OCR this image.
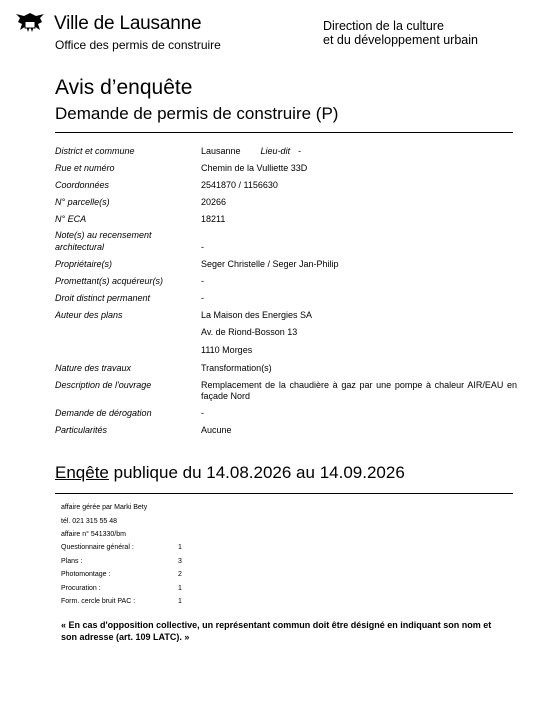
Ville de Lausanne
Office des permis de construire
Direction de la culture
et du développement urbain
Avis d’enquête
Demande de permis de construire (P)
District et commune	Lausanne Lieu-dit -
Rue et numéro	Chemin de la Vulliette 33D
Coordonnées	2541870 / 1156630
N° parcelle(s)	20266
N° ECA	18211
Note(s) au recensement
architectural	-
Propriétaire(s)	Seger Christelle / Seger Jan-Philip
Promettant(s) acquéreur(s)	-
Droit distinct permanent	-
Auteur des plans	La Maison des Energies SA
Av. de Riond-Bosson 13
1110 Morges
Nature des travaux	Transformation(s)
Description de l'ouvrage	Remplacement de la chaudière à gaz par une pompe à chaleur AIR/EAU en façade Nord
Demande de dérogation	-
Particularités	Aucune
Enqête publique du 14.08.2026 au 14.09.2026
affaire gérée par Marki Bety
tél. 021 315 55 48
affaire n° 541330/bm
Questionnaire général :	1
Plans :	3
Photomontage :	2
Procuration :	1
Form. cercle bruit PAC :	1
« En cas d'opposition collective, un représentant commun doit être désigné en indiquant son nom et son adresse (art. 109 LATC). »
